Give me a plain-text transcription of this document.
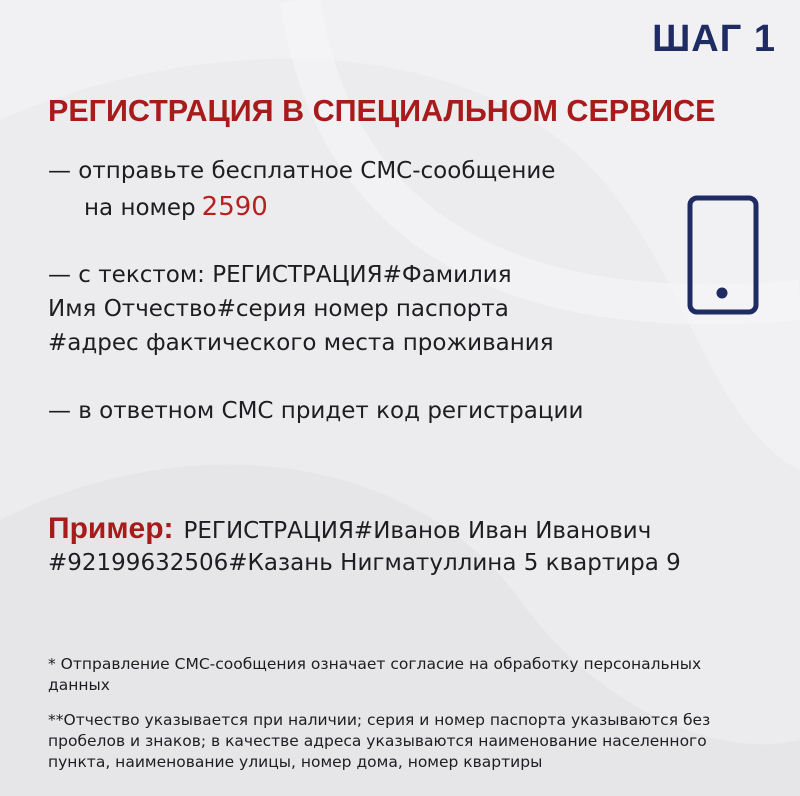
ШАГ 1
РЕГИСТРАЦИЯ В СПЕЦИАЛЬНОМ СЕРВИСЕ
— отправьте бесплатное СМС-сообщение
на номер 2590
— с текстом: РЕГИСТРАЦИЯ#Фамилия
Имя Отчество#серия номер паспорта
#адрес фактического места проживания
— в ответном СМС придет код регистрации
Пример: РЕГИСТРАЦИЯ#Иванов Иван Иванович
#92199632506#Казань Нигматуллина 5 квартира 9
* Отправление СМС-сообщения означает согласие на обработку персональных данных
**Отчество указывается при наличии; серия и номер паспорта указываются без пробелов и знаков; в качестве адреса указываются наименование населенного пункта, наименование улицы, номер дома, номер квартиры
